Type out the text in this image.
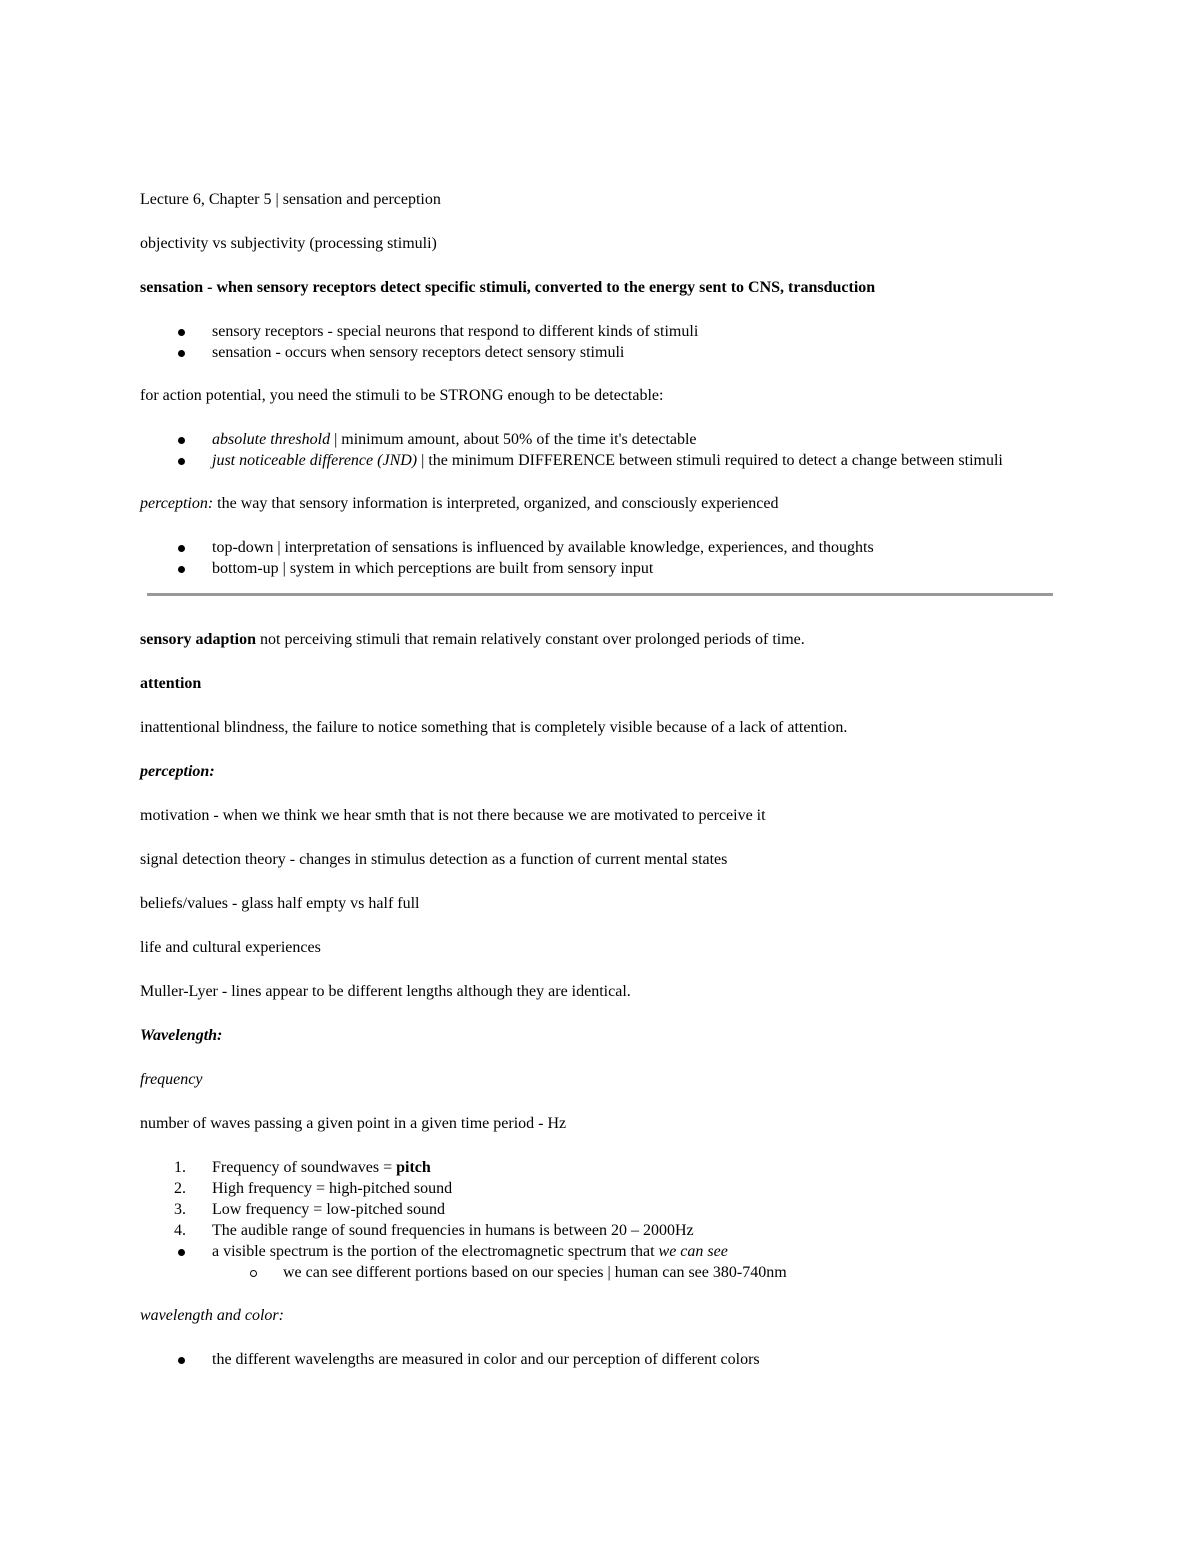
Lecture 6, Chapter 5 | sensation and perception

objectivity vs subjectivity (processing stimuli)

sensation - when sensory receptors detect specific stimuli, converted to the energy sent to CNS, transduction

sensory receptors - special neurons that respond to different kinds of stimuli
sensation - occurs when sensory receptors detect sensory stimuli

for action potential, you need the stimuli to be STRONG enough to be detectable:

absolute threshold | minimum amount, about 50% of the time it's detectable
just noticeable difference (JND) | the minimum DIFFERENCE between stimuli required to detect a change between stimuli

perception: the way that sensory information is interpreted, organized, and consciously experienced

top-down | interpretation of sensations is influenced by available knowledge, experiences, and thoughts
bottom-up | system in which perceptions are built from sensory input

sensory adaption not perceiving stimuli that remain relatively constant over prolonged periods of time.

attention

inattentional blindness, the failure to notice something that is completely visible because of a lack of attention.

perception:

motivation - when we think we hear smth that is not there because we are motivated to perceive it

signal detection theory - changes in stimulus detection as a function of current mental states

beliefs/values - glass half empty vs half full

life and cultural experiences

Muller-Lyer - lines appear to be different lengths although they are identical.

Wavelength:

frequency

number of waves passing a given point in a given time period - Hz

1. Frequency of soundwaves = pitch
2. High frequency = high-pitched sound
3. Low frequency = low-pitched sound
4. The audible range of sound frequencies in humans is between 20 – 2000Hz
a visible spectrum is the portion of the electromagnetic spectrum that we can see
we can see different portions based on our species | human can see 380-740nm

wavelength and color:

the different wavelengths are measured in color and our perception of different colors
